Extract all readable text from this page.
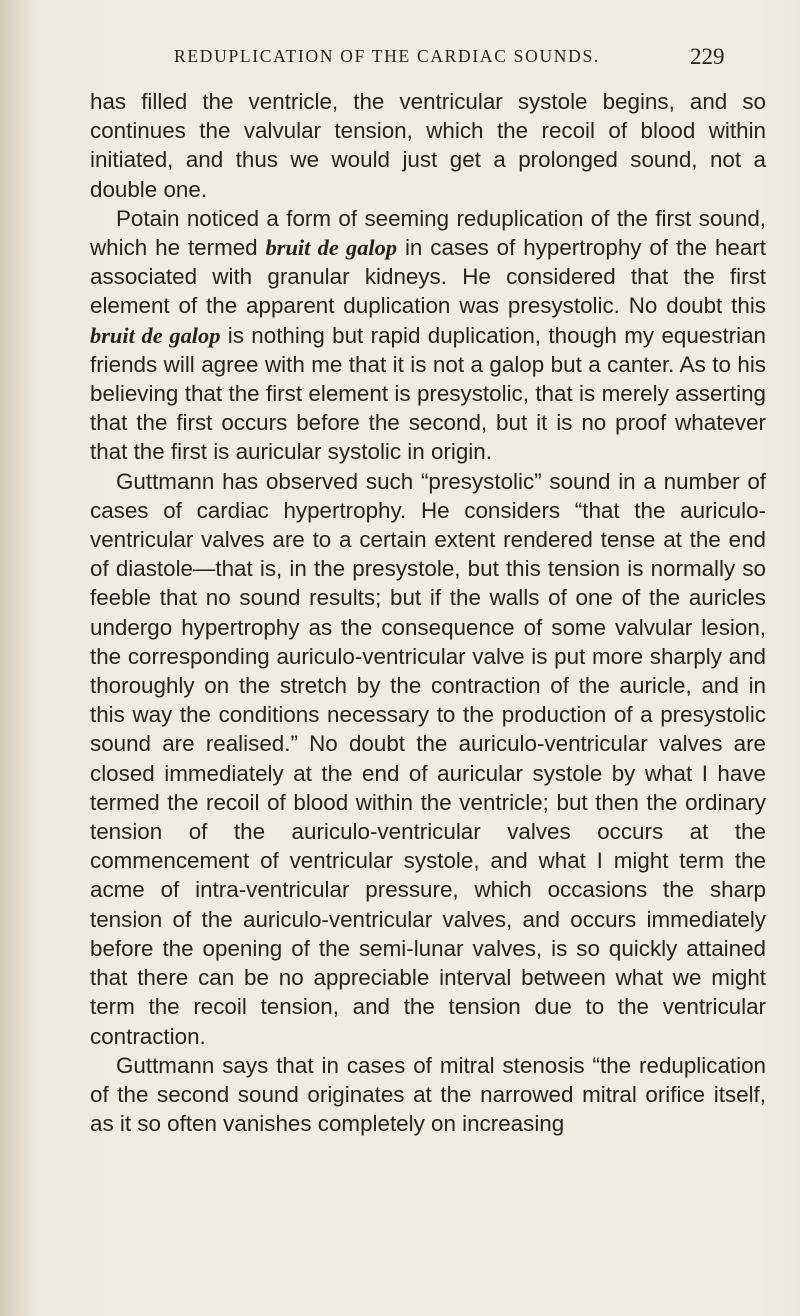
REDUPLICATION OF THE CARDIAC SOUNDS.	229

has filled the ventricle, the ventricular systole begins, and so continues the valvular tension, which the recoil of blood within initiated, and thus we would just get a prolonged sound, not a double one.

Potain noticed a form of seeming reduplication of the first sound, which he termed bruit de galop in cases of hypertrophy of the heart associated with granular kidneys. He considered that the first element of the apparent duplication was presystolic. No doubt this bruit de galop is nothing but rapid duplication, though my equestrian friends will agree with me that it is not a galop but a canter. As to his believing that the first element is presystolic, that is merely asserting that the first occurs before the second, but it is no proof whatever that the first is auricular systolic in origin.

Guttmann has observed such “presystolic” sound in a number of cases of cardiac hypertrophy. He considers “that the auriculo-ventricular valves are to a certain extent rendered tense at the end of diastole—that is, in the presystole, but this tension is normally so feeble that no sound results; but if the walls of one of the auricles undergo hypertrophy as the consequence of some valvular lesion, the corresponding auriculo-ventricular valve is put more sharply and thoroughly on the stretch by the contraction of the auricle, and in this way the conditions necessary to the production of a presystolic sound are realised.” No doubt the auriculo-ventricular valves are closed immediately at the end of auricular systole by what I have termed the recoil of blood within the ventricle; but then the ordinary tension of the auriculo-ventricular valves occurs at the commencement of ventricular systole, and what I might term the acme of intra-ventricular pressure, which occasions the sharp tension of the auriculo-ventricular valves, and occurs immediately before the opening of the semi-lunar valves, is so quickly attained that there can be no appreciable interval between what we might term the recoil tension, and the tension due to the ventricular contraction.

Guttmann says that in cases of mitral stenosis “the reduplication of the second sound originates at the narrowed mitral orifice itself, as it so often vanishes completely on increasing
